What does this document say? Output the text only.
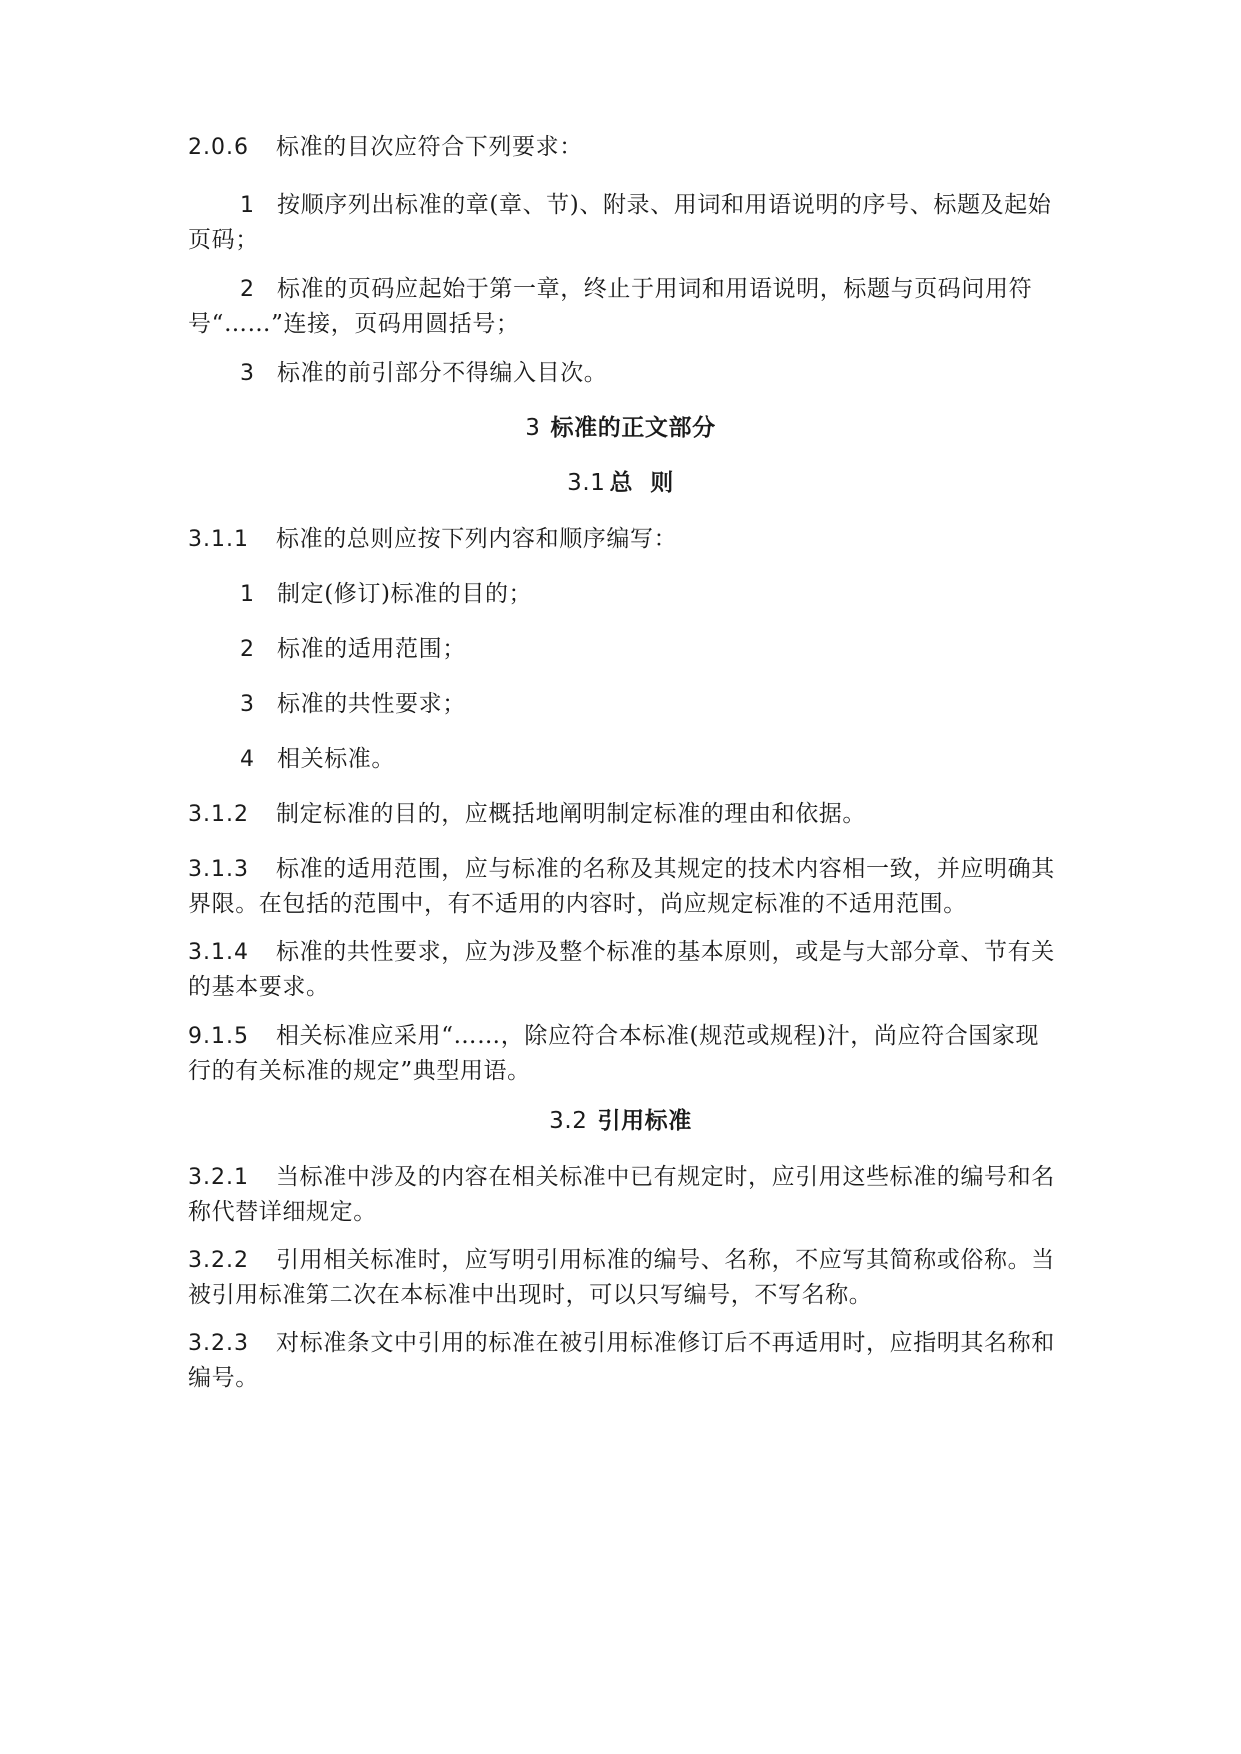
2.0.6 标准的目次应符合下列要求：
1 按顺序列出标准的章(章、节)、附录、用词和用语说明的序号、标题及起始页码；
2 标准的页码应起始于第一章，终止于用词和用语说明，标题与页码问用符号“……”连接，页码用圆括号；
3 标准的前引部分不得编入目次。
3 标准的正文部分
3.1 总  则
3.1.1 标准的总则应按下列内容和顺序编写：
1 制定(修订)标准的目的；
2 标准的适用范围；
3 标准的共性要求；
4 相关标准。
3.1.2 制定标准的目的，应概括地阐明制定标准的理由和依据。
3.1.3 标准的适用范围，应与标准的名称及其规定的技术内容相一致，并应明确其界限。在包括的范围中，有不适用的内容时，尚应规定标准的不适用范围。
3.1.4 标准的共性要求，应为涉及整个标准的基本原则，或是与大部分章、节有关的基本要求。
9.1.5 相关标准应采用“……，除应符合本标准(规范或规程)汁，尚应符合国家现行的有关标准的规定”典型用语。
3.2 引用标准
3.2.1 当标准中涉及的内容在相关标准中已有规定时，应引用这些标准的编号和名称代替详细规定。
3.2.2 引用相关标准时，应写明引用标准的编号、名称，不应写其简称或俗称。当被引用标准第二次在本标准中出现时，可以只写编号，不写名称。
3.2.3 对标准条文中引用的标准在被引用标准修订后不再适用时，应指明其名称和编号。
